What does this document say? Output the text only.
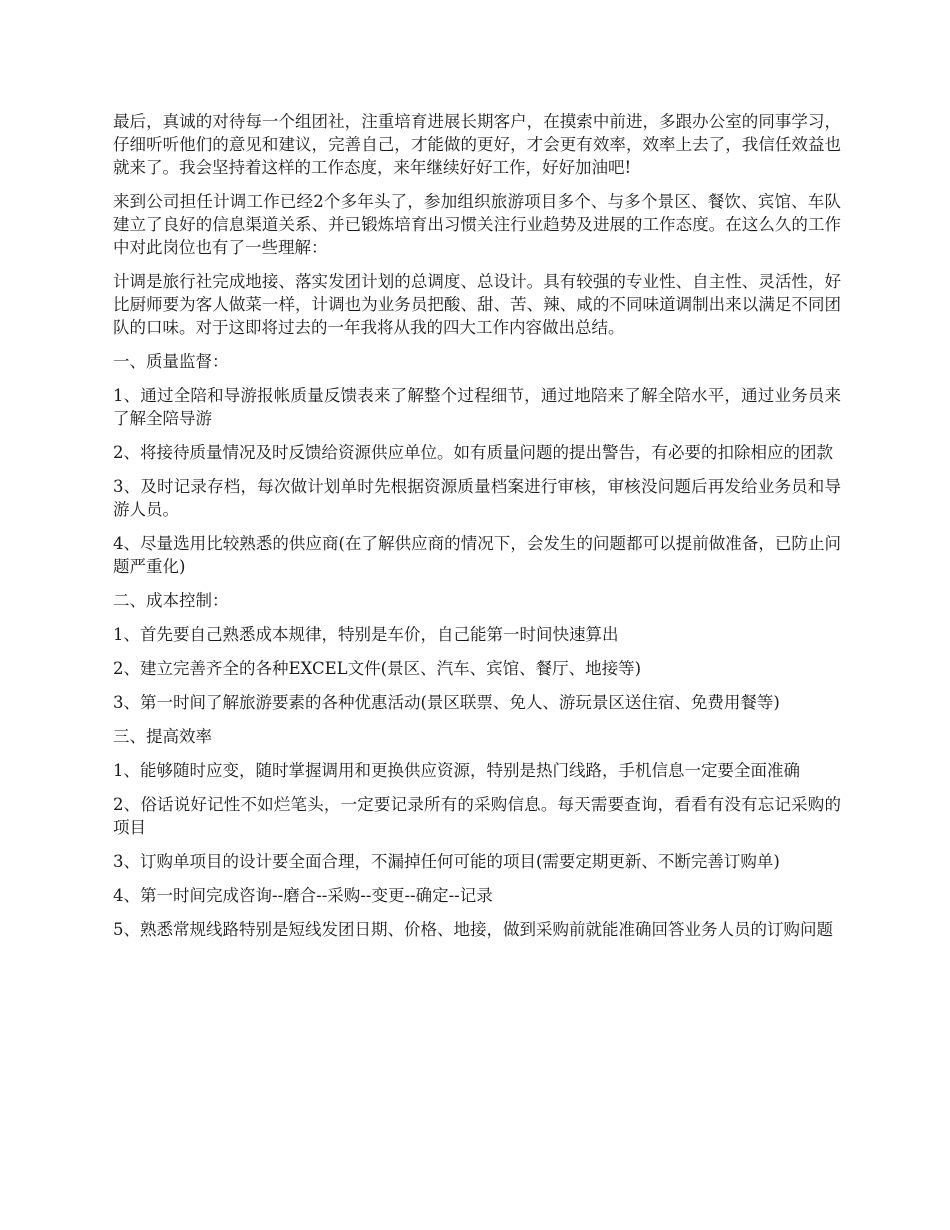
最后，真诚的对待每一个组团社，注重培育进展长期客户，在摸索中前进，多跟办公室的同事学习，仔细听听他们的意见和建议，完善自己，才能做的更好，才会更有效率，效率上去了，我信任效益也就来了。我会坚持着这样的工作态度，来年继续好好工作，好好加油吧!

来到公司担任计调工作已经2个多年头了，参加组织旅游项目多个、与多个景区、餐饮、宾馆、车队建立了良好的信息渠道关系、并已锻炼培育出习惯关注行业趋势及进展的工作态度。在这么久的工作中对此岗位也有了一些理解：

计调是旅行社完成地接、落实发团计划的总调度、总设计。具有较强的专业性、自主性、灵活性，好比厨师要为客人做菜一样，计调也为业务员把酸、甜、苦、辣、咸的不同味道调制出来以满足不同团队的口味。对于这即将过去的一年我将从我的四大工作内容做出总结。

一、质量监督：

1、通过全陪和导游报帐质量反馈表来了解整个过程细节，通过地陪来了解全陪水平，通过业务员来了解全陪导游

2、将接待质量情况及时反馈给资源供应单位。如有质量问题的提出警告，有必要的扣除相应的团款

3、及时记录存档，每次做计划单时先根据资源质量档案进行审核，审核没问题后再发给业务员和导游人员。

4、尽量选用比较熟悉的供应商(在了解供应商的情况下，会发生的问题都可以提前做准备，已防止问题严重化)

二、成本控制：

1、首先要自己熟悉成本规律，特别是车价，自己能第一时间快速算出

2、建立完善齐全的各种EXCEL文件(景区、汽车、宾馆、餐厅、地接等)

3、第一时间了解旅游要素的各种优惠活动(景区联票、免人、游玩景区送住宿、免费用餐等)

三、提高效率

1、能够随时应变，随时掌握调用和更换供应资源，特别是热门线路，手机信息一定要全面准确

2、俗话说好记性不如烂笔头，一定要记录所有的采购信息。每天需要查询，看看有没有忘记采购的项目

3、订购单项目的设计要全面合理，不漏掉任何可能的项目(需要定期更新、不断完善订购单)

4、第一时间完成咨询--磨合--采购--变更--确定--记录

5、熟悉常规线路特别是短线发团日期、价格、地接，做到采购前就能准确回答业务人员的订购问题
